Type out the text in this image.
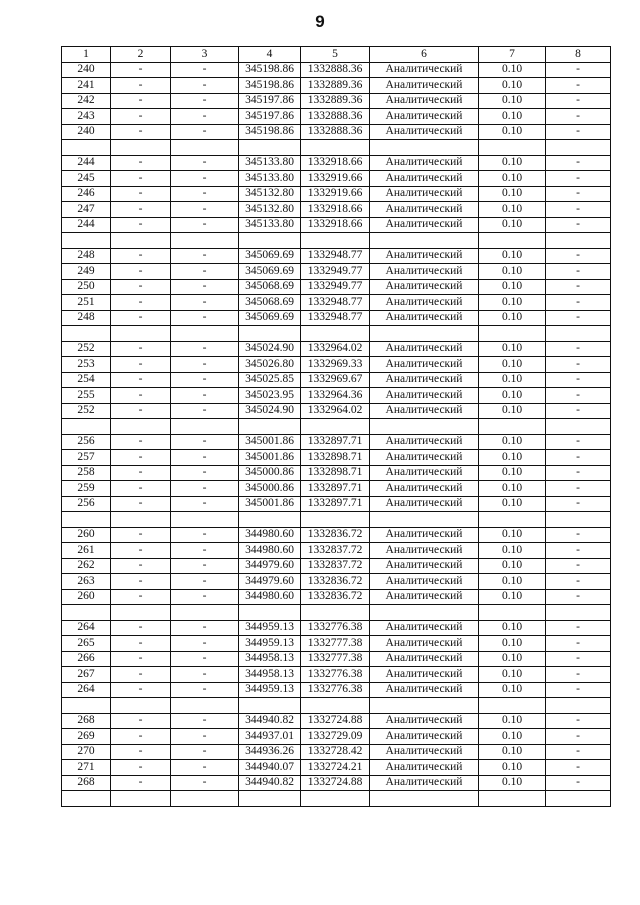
9
1	2	3	4	5	6	7	8
240	-	-	345198.86	1332888.36	Аналитический	0.10	-
241	-	-	345198.86	1332889.36	Аналитический	0.10	-
242	-	-	345197.86	1332889.36	Аналитический	0.10	-
243	-	-	345197.86	1332888.36	Аналитический	0.10	-
240	-	-	345198.86	1332888.36	Аналитический	0.10	-

244	-	-	345133.80	1332918.66	Аналитический	0.10	-
245	-	-	345133.80	1332919.66	Аналитический	0.10	-
246	-	-	345132.80	1332919.66	Аналитический	0.10	-
247	-	-	345132.80	1332918.66	Аналитический	0.10	-
244	-	-	345133.80	1332918.66	Аналитический	0.10	-

248	-	-	345069.69	1332948.77	Аналитический	0.10	-
249	-	-	345069.69	1332949.77	Аналитический	0.10	-
250	-	-	345068.69	1332949.77	Аналитический	0.10	-
251	-	-	345068.69	1332948.77	Аналитический	0.10	-
248	-	-	345069.69	1332948.77	Аналитический	0.10	-

252	-	-	345024.90	1332964.02	Аналитический	0.10	-
253	-	-	345026.80	1332969.33	Аналитический	0.10	-
254	-	-	345025.85	1332969.67	Аналитический	0.10	-
255	-	-	345023.95	1332964.36	Аналитический	0.10	-
252	-	-	345024.90	1332964.02	Аналитический	0.10	-

256	-	-	345001.86	1332897.71	Аналитический	0.10	-
257	-	-	345001.86	1332898.71	Аналитический	0.10	-
258	-	-	345000.86	1332898.71	Аналитический	0.10	-
259	-	-	345000.86	1332897.71	Аналитический	0.10	-
256	-	-	345001.86	1332897.71	Аналитический	0.10	-

260	-	-	344980.60	1332836.72	Аналитический	0.10	-
261	-	-	344980.60	1332837.72	Аналитический	0.10	-
262	-	-	344979.60	1332837.72	Аналитический	0.10	-
263	-	-	344979.60	1332836.72	Аналитический	0.10	-
260	-	-	344980.60	1332836.72	Аналитический	0.10	-

264	-	-	344959.13	1332776.38	Аналитический	0.10	-
265	-	-	344959.13	1332777.38	Аналитический	0.10	-
266	-	-	344958.13	1332777.38	Аналитический	0.10	-
267	-	-	344958.13	1332776.38	Аналитический	0.10	-
264	-	-	344959.13	1332776.38	Аналитический	0.10	-

268	-	-	344940.82	1332724.88	Аналитический	0.10	-
269	-	-	344937.01	1332729.09	Аналитический	0.10	-
270	-	-	344936.26	1332728.42	Аналитический	0.10	-
271	-	-	344940.07	1332724.21	Аналитический	0.10	-
268	-	-	344940.82	1332724.88	Аналитический	0.10	-
